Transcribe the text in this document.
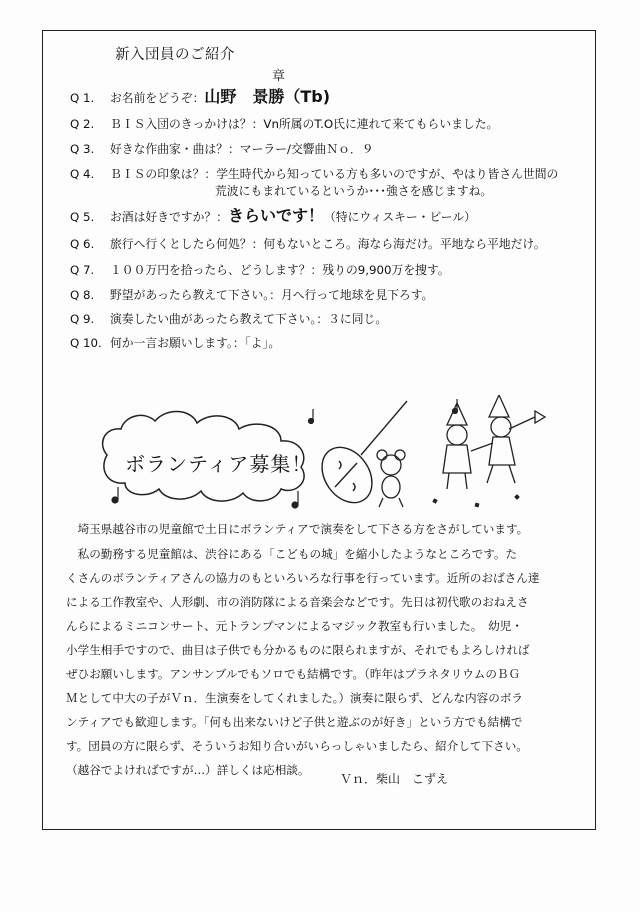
新入団員のご紹介
章
Q 1. お名前をどうぞ：山野　景勝（Tb)
Q 2. ＢＩＳ入団のきっかけは？：Vn所属のT.O氏に連れて来てもらいました。
Q 3. 好きな作曲家・曲は？：マーラー/交響曲Ｎｏ．９
Q 4. ＢＩＳの印象は？：学生時代から知っている方も多いのですが、やはり皆さん世間の
荒波にもまれているというか･･･強さを感じますね。
Q 5. お酒は好きですか？：きらいです！（特にウィスキー・ビール）
Q 6. 旅行へ行くとしたら何処？：何もないところ。海なら海だけ。平地なら平地だけ。
Q 7. １００万円を拾ったら、どうします？：残りの9,900万を捜す。
Q 8. 野望があったら教えて下さい。：月へ行って地球を見下ろす。
Q 9. 演奏したい曲があったら教えて下さい。：３に同じ。
Q 10. 何か一言お願いします。：「よ」。
ボランティア募集！
　埼玉県越谷市の児童館で土日にボランティアで演奏をして下さる方をさがしています。
　私の勤務する児童館は、渋谷にある「こどもの城」を縮小したようなところです。た
くさんのボランティアさんの協力のもといろいろな行事を行っています。近所のおばさん達
による工作教室や、人形劇、市の消防隊による音楽会などです。先日は初代歌のおねえさ
んらによるミニコンサート、元トランプマンによるマジック教室も行いました。　幼児・
小学生相手ですので、曲目は子供でも分かるものに限られますが、それでもよろしければ
ぜひお願いします。アンサンブルでもソロでも結構です。（昨年はプラネタリウムのＢＧ
Ｍとして中大の子がＶｎ．生演奏をしてくれました。）演奏に限らず、どんな内容のボラ
ンティアでも歓迎します。「何も出来ないけど子供と遊ぶのが好き」という方でも結構で
す。団員の方に限らず、そういうお知り合いがいらっしゃいましたら、紹介して下さい。
（越谷でよければですが…）詳しくは応相談。
Ｖｎ．柴山　こずえ
